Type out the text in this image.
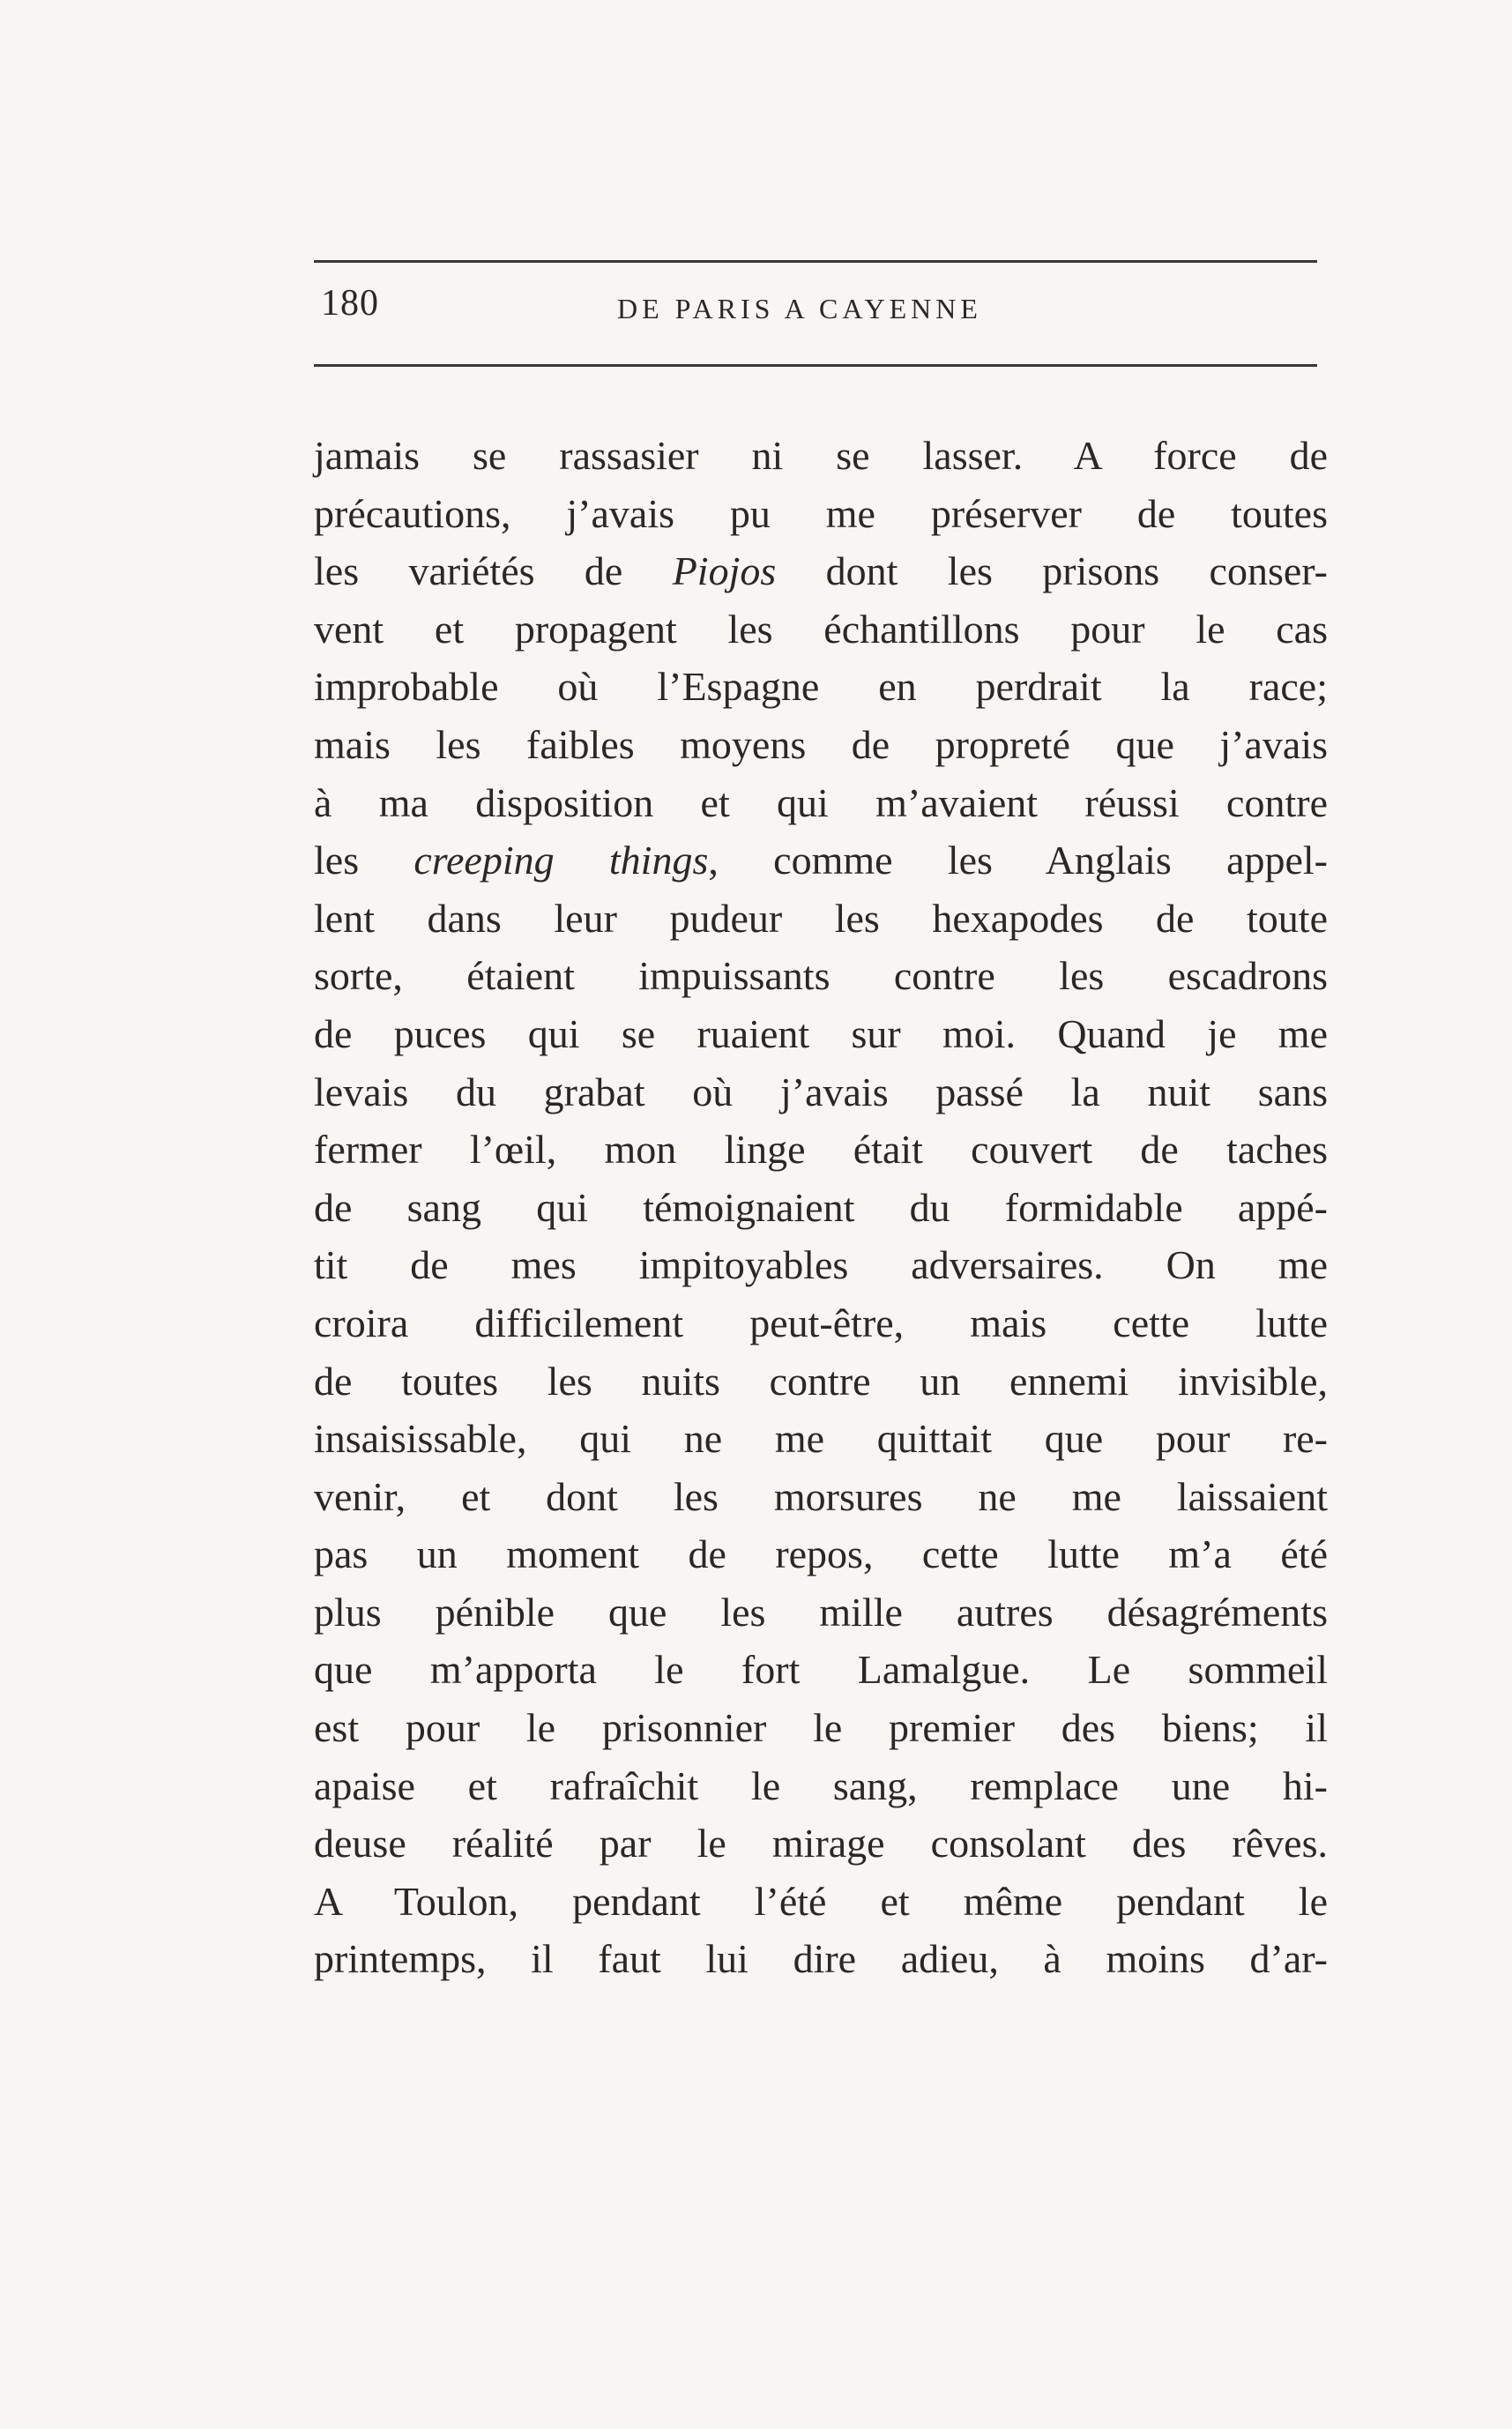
180	DE PARIS A CAYENNE
jamais se rassasier ni se lasser. A force de
précautions, j’avais pu me préserver de toutes
les variétés de Piojos dont les prisons conser-
vent et propagent les échantillons pour le cas
improbable où l’Espagne en perdrait la race;
mais les faibles moyens de propreté que j’avais
à ma disposition et qui m’avaient réussi contre
les creeping things, comme les Anglais appel-
lent dans leur pudeur les hexapodes de toute
sorte, étaient impuissants contre les escadrons
de puces qui se ruaient sur moi. Quand je me
levais du grabat où j’avais passé la nuit sans
fermer l’œil, mon linge était couvert de taches
de sang qui témoignaient du formidable appé-
tit de mes impitoyables adversaires. On me
croira difficilement peut-être, mais cette lutte
de toutes les nuits contre un ennemi invisible,
insaisissable, qui ne me quittait que pour re-
venir, et dont les morsures ne me laissaient
pas un moment de repos, cette lutte m’a été
plus pénible que les mille autres désagréments
que m’apporta le fort Lamalgue. Le sommeil
est pour le prisonnier le premier des biens; il
apaise et rafraîchit le sang, remplace une hi-
deuse réalité par le mirage consolant des rêves.
A Toulon, pendant l’été et même pendant le
printemps, il faut lui dire adieu, à moins d’ar-
